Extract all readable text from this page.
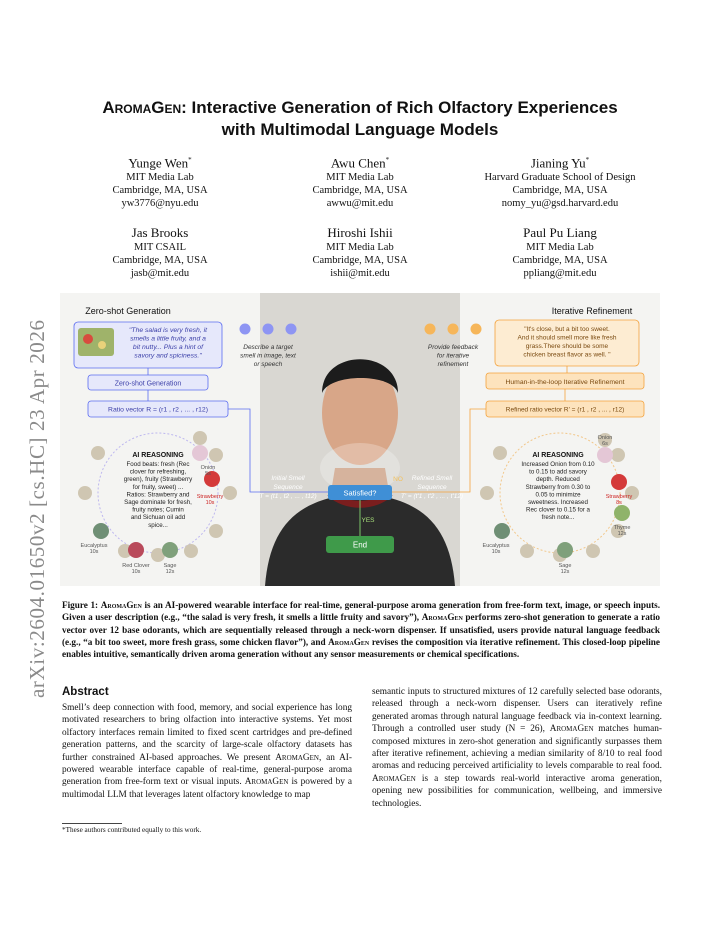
arXiv:2604.01650v2 [cs.HC] 23 Apr 2026
AromaGen: Interactive Generation of Rich Olfactory Experiences
with Multimodal Language Models
Yunge Wen*
MIT Media Lab
Cambridge, MA, USA
yw3776@nyu.edu
Awu Chen*
MIT Media Lab
Cambridge, MA, USA
awwu@mit.edu
Jianing Yu*
Harvard Graduate School of Design
Cambridge, MA, USA
nomy_yu@gsd.harvard.edu
Jas Brooks
MIT CSAIL
Cambridge, MA, USA
jasb@mit.edu
Hiroshi Ishii
MIT Media Lab
Cambridge, MA, USA
ishii@mit.edu
Paul Pu Liang
MIT Media Lab
Cambridge, MA, USA
ppliang@mit.edu
Zero-shot Generation	Iterative Refinement
"The salad is very fresh, it
smells a little fruity, and a
bit nutty... Plus a hint of
savory and spiciness."
Describe a target
smell in image, text
or speech
Zero-shot Generation
Ratio vector R = (r1 , r2 , ... , r12)
Onion
5s
Strawberry
10s
Eucalyptus
10s
Red Clover
10s
Sage
12s
AI REASONING
Food beats: fresh (Rec
clover for refreshing,
green), fruity (Strawberry
for fruity, sweet) ...
Ratios: Strawberry and
Sage dominate for fresh,
fruity notes; Cumin
and Sichuan oil add
spice...
Initial Smell
Sequence
T = (t1 , t2 , ... , t12)	Satisfied?
NO
YES
End
Refined Smell
Sequence
T' = (t'1 , t'2 , ... , t'12)
Provide feedback
for iterative
refinement
"It's close, but a bit too sweet.
And it should smell more like fresh
grass.There should be some
chicken breast flavor as well. "
Human-in-the-loop Iterative Refinement
Refined ratio vector R' = (r1 , r2 , ... , r12)
Onion
6s
Strawberry
8s
Thyme
12s
Eucalyptus
10s
Sage
12s
AI REASONING
Increased Onion from 0.10
to 0.15 to add savory
depth. Reduced
Strawberry from 0.30 to
0.05 to minimize
sweetness. Increased
Rec clover to 0.15 for a
fresh note...
Figure 1: AromaGen is an AI-powered wearable interface for real-time, general-purpose aroma generation from free-form text, image, or speech inputs. Given a user description (e.g., “the salad is very fresh, it smells a little fruity and savory”), AromaGen performs zero-shot generation to generate a ratio vector over 12 base odorants, which are sequentially released through a neck-worn dispenser. If unsatisfied, users provide natural language feedback (e.g., “a bit too sweet, more fresh grass, some chicken flavor”), and AromaGen revises the composition via iterative refinement. This closed-loop pipeline enables intuitive, semantically driven aroma generation without any sensor measurements or chemical specifications.
Abstract
Smell’s deep connection with food, memory, and social experience has long motivated researchers to bring olfaction into interactive systems. Yet most olfactory interfaces remain limited to fixed scent cartridges and pre-defined generation patterns, and the scarcity of large-scale olfactory datasets has further constrained AI-based approaches. We present AromaGen, an AI-powered wearable interface capable of real-time, general-purpose aroma generation from free-form text or visual inputs. AromaGen is powered by a multimodal LLM that leverages latent olfactory knowledge to map
semantic inputs to structured mixtures of 12 carefully selected base odorants, released through a neck-worn dispenser. Users can iteratively refine generated aromas through natural language feedback via in-context learning. Through a controlled user study (N = 26), AromaGen matches human-composed mixtures in zero-shot generation and significantly surpasses them after iterative refinement, achieving a median similarity of 8/10 to real food aromas and reducing perceived artificiality to levels comparable to real food. AromaGen is a step towards real-world interactive aroma generation, opening new possibilities for communication, wellbeing, and immersive technologies.
*These authors contributed equally to this work.
